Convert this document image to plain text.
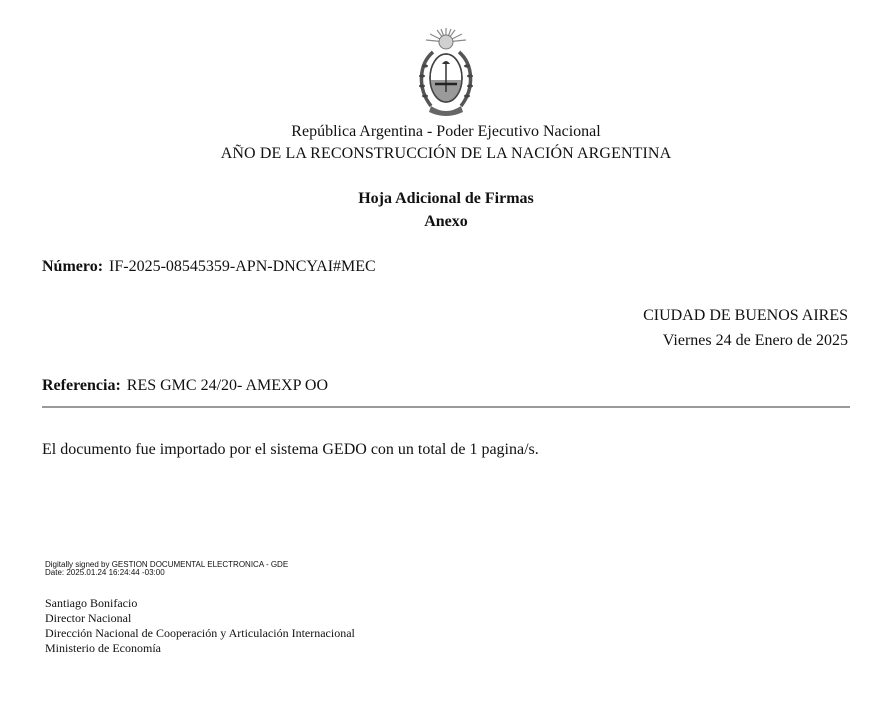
República Argentina - Poder Ejecutivo Nacional
AÑO DE LA RECONSTRUCCIÓN DE LA NACIÓN ARGENTINA
Hoja Adicional de Firmas
Anexo
Número: IF-2025-08545359-APN-DNCYAI#MEC
CIUDAD DE BUENOS AIRES
Viernes 24 de Enero de 2025
Referencia: RES GMC 24/20- AMEXP OO
El documento fue importado por el sistema GEDO con un total de 1 pagina/s.
Digitally signed by GESTION DOCUMENTAL ELECTRONICA - GDE
Date: 2025.01.24 16:24:44 -03:00
Santiago Bonifacio
Director Nacional
Dirección Nacional de Cooperación y Articulación Internacional
Ministerio de Economía
